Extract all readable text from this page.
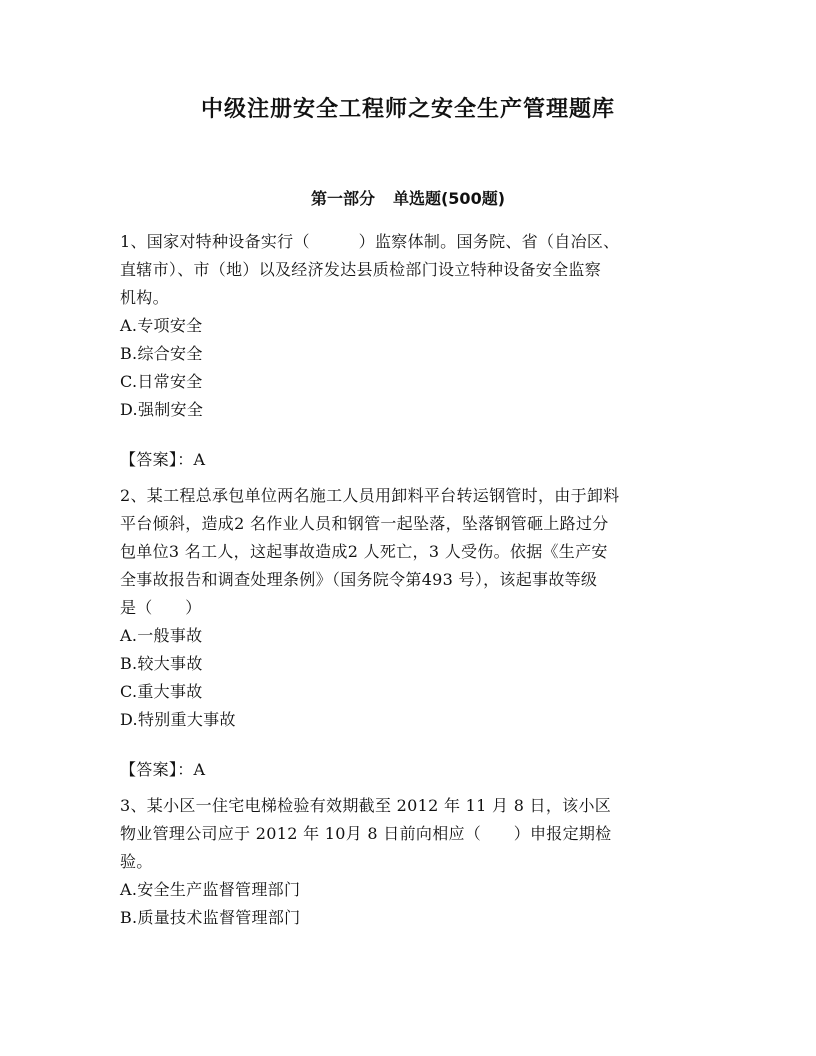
中级注册安全工程师之安全生产管理题库
第一部分 单选题(500题)
1、国家对特种设备实行（　　　）监察体制。国务院、省（自冶区、
直辖市）、市（地）以及经济发达县质检部门设立特种设备安全监察
机构。
A.专项安全
B.综合安全
C.日常安全
D.强制安全
【答案】：A
2、某工程总承包单位两名施工人员用卸料平台转运钢管时，由于卸料
平台倾斜，造成2 名作业人员和钢管一起坠落，坠落钢管砸上路过分
包单位3 名工人，这起事故造成2 人死亡，3 人受伤。依据《生产安
全事故报告和调查处理条例》（国务院令第493 号），该起事故等级
是（　　）
A.一般事故
B.较大事故
C.重大事故
D.特别重大事故
【答案】：A
3、某小区一住宅电梯检验有效期截至 2012 年 11 月 8 日，该小区
物业管理公司应于 2012 年 10月 8 日前向相应（　　）申报定期检
验。
A.安全生产监督管理部门
B.质量技术监督管理部门
